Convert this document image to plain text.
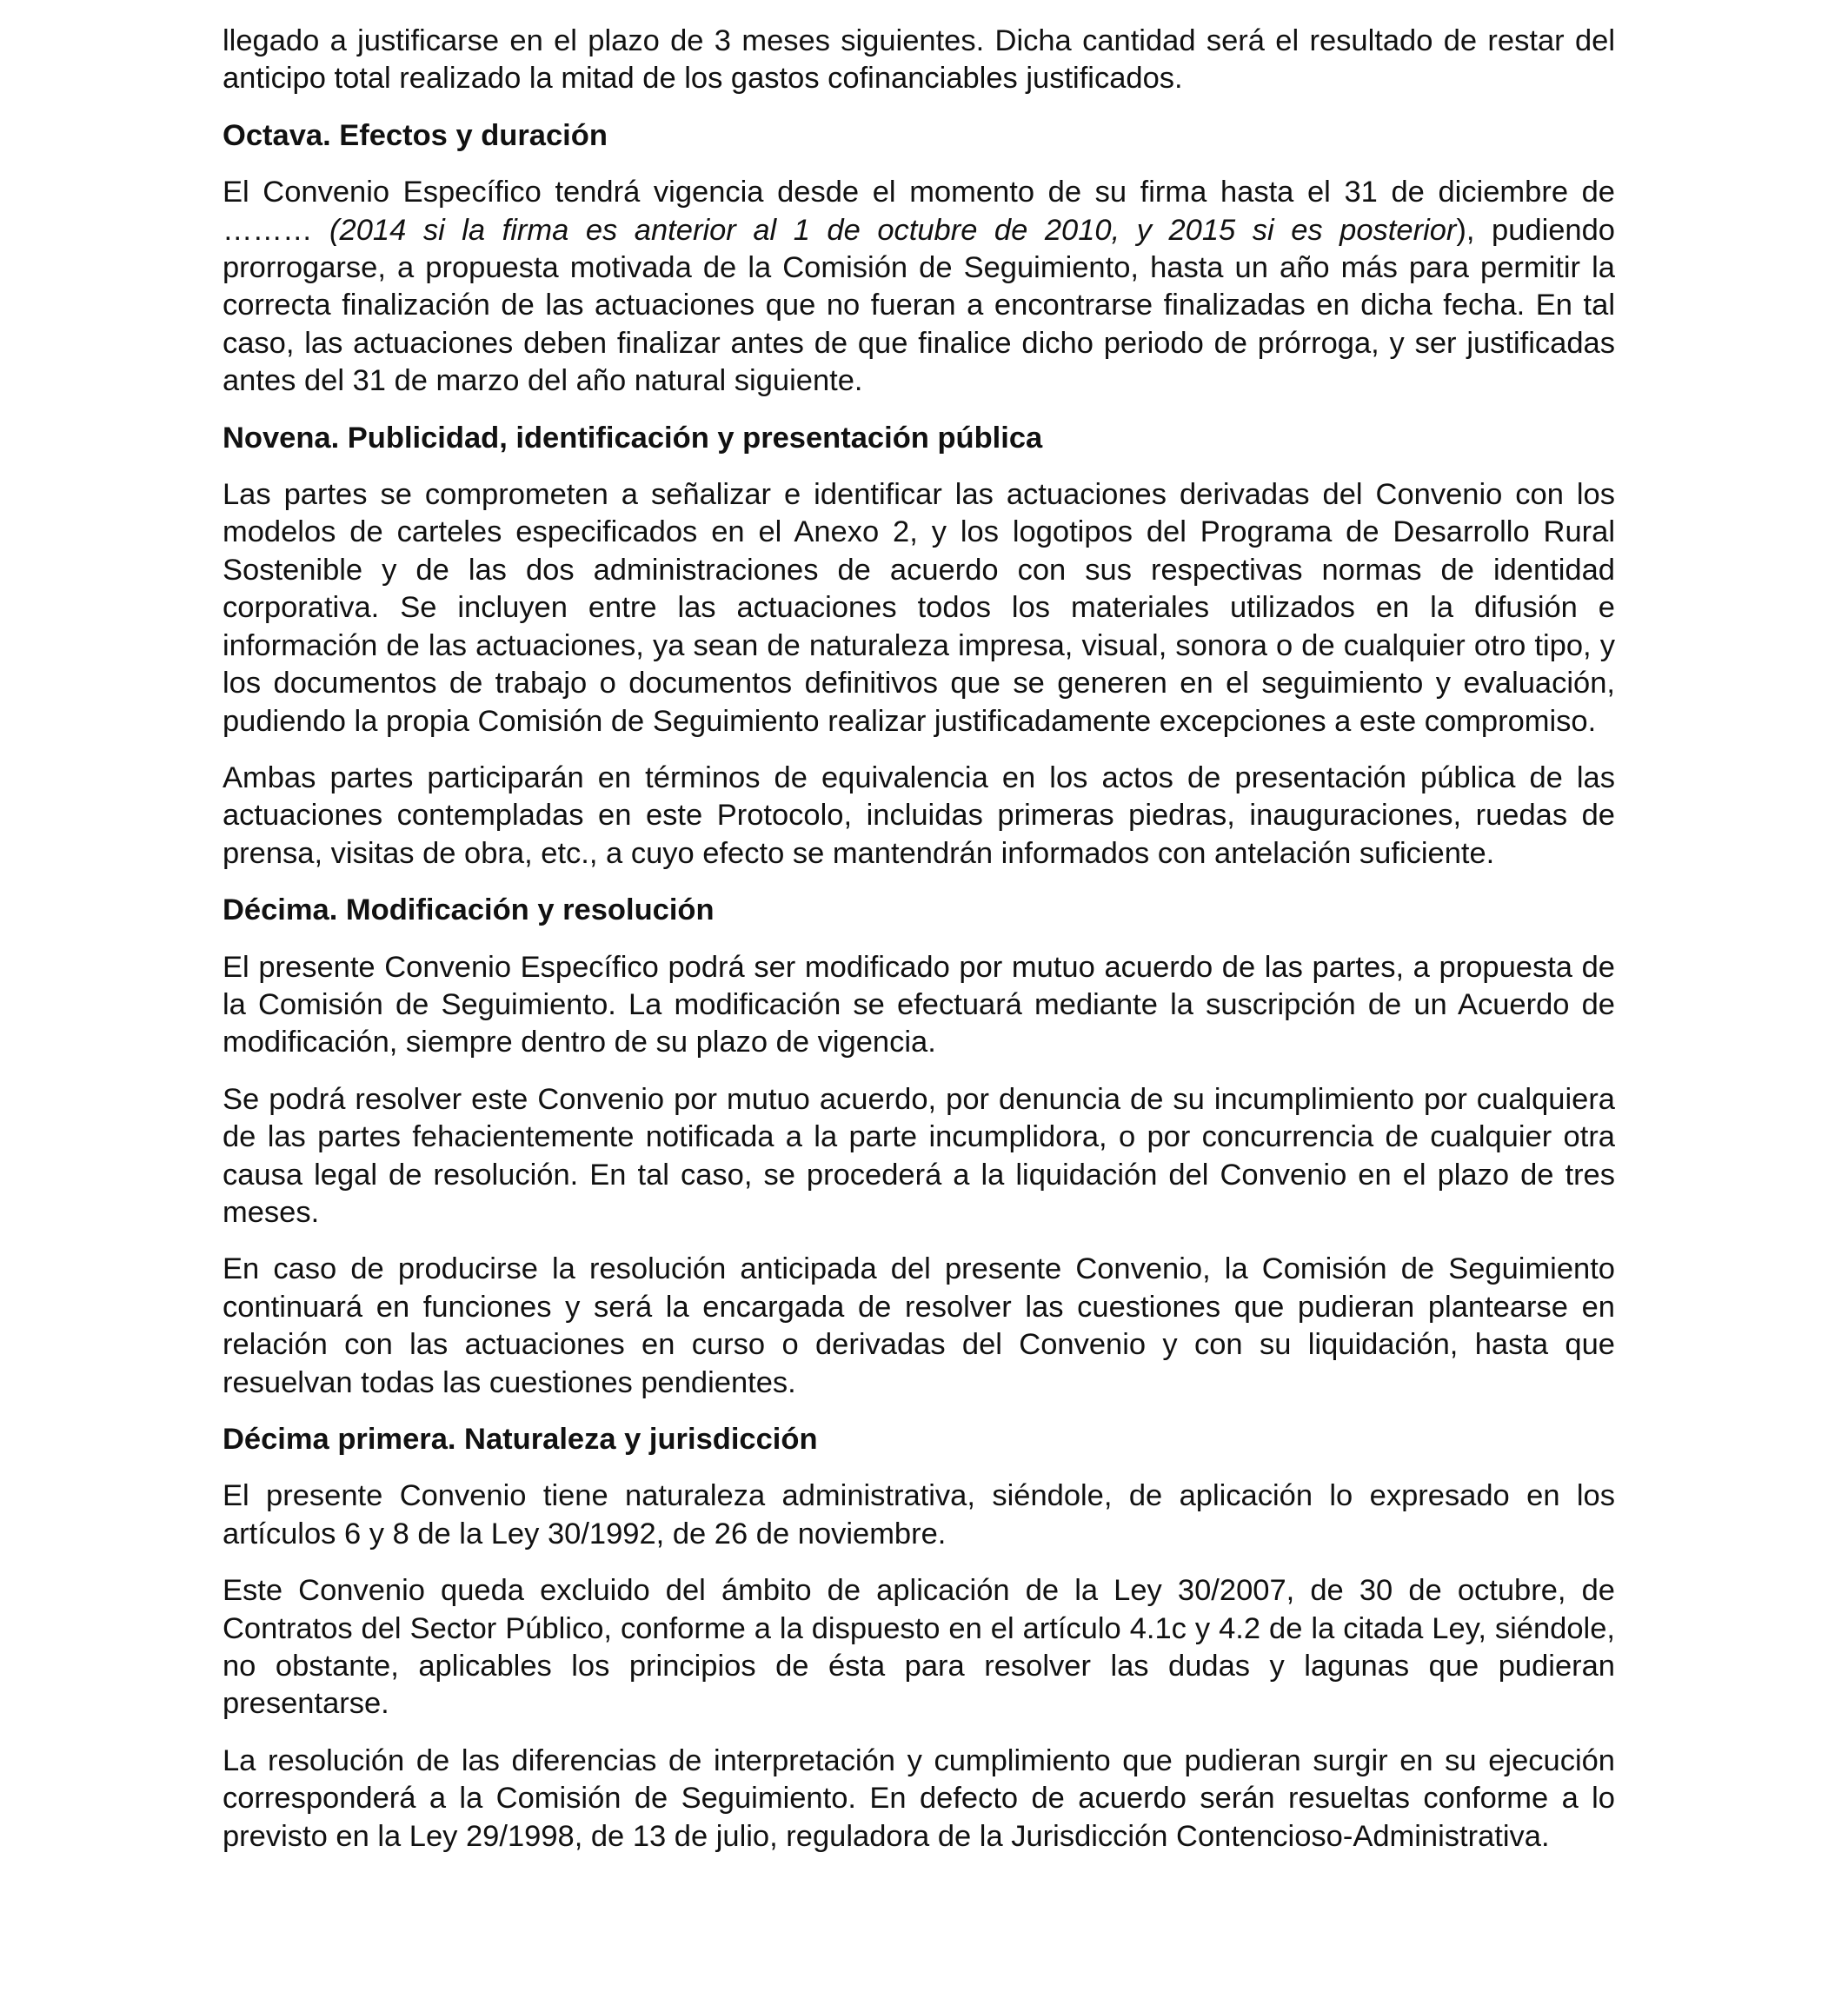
llegado a justificarse en el plazo de 3 meses siguientes. Dicha cantidad será el resultado de restar del anticipo total realizado la mitad de los gastos cofinanciables justificados.

Octava. Efectos y duración

El Convenio Específico tendrá vigencia desde el momento de su firma hasta el 31 de diciembre de ……… (2014 si la firma es anterior al 1 de octubre de 2010, y 2015 si es posterior), pudiendo prorrogarse, a propuesta motivada de la Comisión de Seguimiento, hasta un año más para permitir la correcta finalización de las actuaciones que no fueran a encontrarse finalizadas en dicha fecha. En tal caso, las actuaciones deben finalizar antes de que finalice dicho periodo de prórroga, y ser justificadas antes del 31 de marzo del año natural siguiente.

Novena. Publicidad, identificación y presentación pública

Las partes se comprometen a señalizar e identificar las actuaciones derivadas del Convenio con los modelos de carteles especificados en el Anexo 2, y los logotipos del Programa de Desarrollo Rural Sostenible y de las dos administraciones de acuerdo con sus respectivas normas de identidad corporativa. Se incluyen entre las actuaciones todos los materiales utilizados en la difusión e información de las actuaciones, ya sean de naturaleza impresa, visual, sonora o de cualquier otro tipo, y los documentos de trabajo o documentos definitivos que se generen en el seguimiento y evaluación, pudiendo la propia Comisión de Seguimiento realizar justificadamente excepciones a este compromiso.

Ambas partes participarán en términos de equivalencia en los actos de presentación pública de las actuaciones contempladas en este Protocolo, incluidas primeras piedras, inauguraciones, ruedas de prensa, visitas de obra, etc., a cuyo efecto se mantendrán informados con antelación suficiente.

Décima. Modificación y resolución

El presente Convenio Específico podrá ser modificado por mutuo acuerdo de las partes, a propuesta de la Comisión de Seguimiento. La modificación se efectuará mediante la suscripción de un Acuerdo de modificación, siempre dentro de su plazo de vigencia.

Se podrá resolver este Convenio por mutuo acuerdo, por denuncia de su incumplimiento por cualquiera de las partes fehacientemente notificada a la parte incumplidora, o por concurrencia de cualquier otra causa legal de resolución. En tal caso, se procederá a la liquidación del Convenio en el plazo de tres meses.

En caso de producirse la resolución anticipada del presente Convenio, la Comisión de Seguimiento continuará en funciones y será la encargada de resolver las cuestiones que pudieran plantearse en relación con las actuaciones en curso o derivadas del Convenio y con su liquidación, hasta que resuelvan todas las cuestiones pendientes.

Décima primera. Naturaleza y jurisdicción

El presente Convenio tiene naturaleza administrativa, siéndole, de aplicación lo expresado en los artículos 6 y 8 de la Ley 30/1992, de 26 de noviembre.

Este Convenio queda excluido del ámbito de aplicación de la Ley 30/2007, de 30 de octubre, de Contratos del Sector Público, conforme a la dispuesto en el artículo 4.1c y 4.2 de la citada Ley, siéndole, no obstante, aplicables los principios de ésta para resolver las dudas y lagunas que pudieran presentarse.

La resolución de las diferencias de interpretación y cumplimiento que pudieran surgir en su ejecución corresponderá a la Comisión de Seguimiento. En defecto de acuerdo serán resueltas conforme a lo previsto en la Ley 29/1998, de 13 de julio, reguladora de la Jurisdicción Contencioso-Administrativa.
